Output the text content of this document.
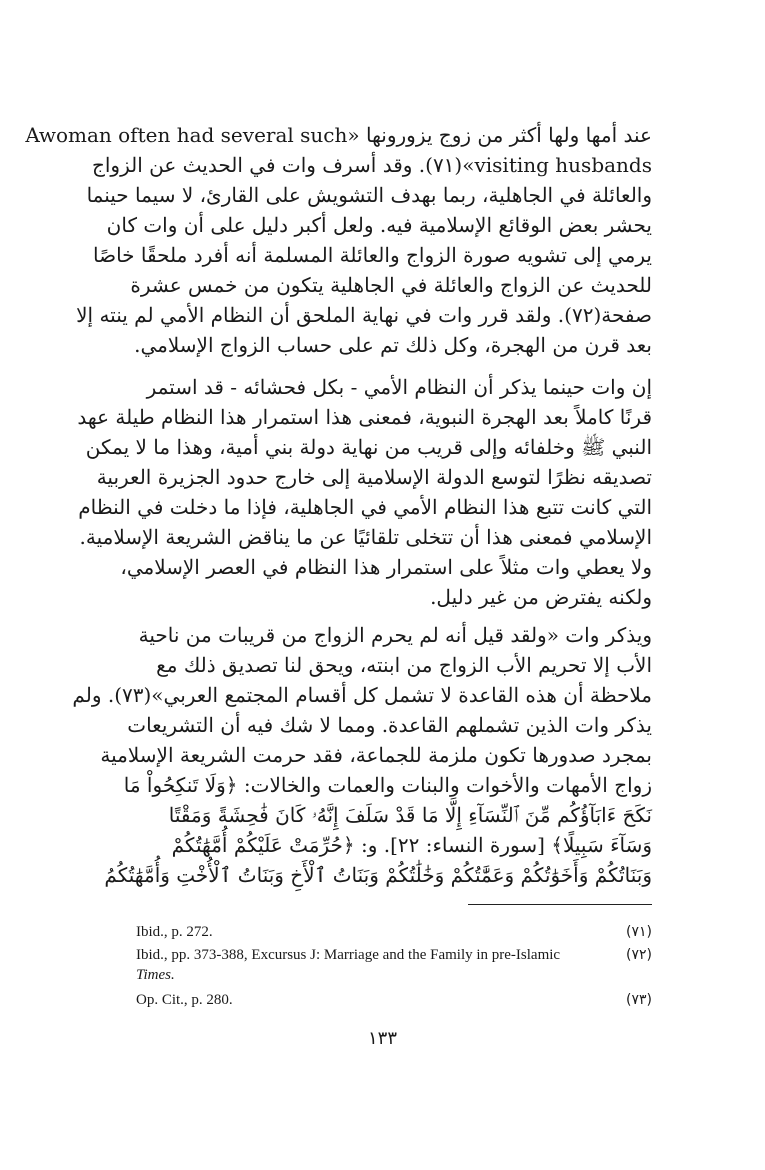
عند أمها ولها أكثر من زوج يزورونها «Awoman often had several such
visiting husbands»(٧١). وقد أسرف وات في الحديث عن الزواج
والعائلة في الجاهلية، ربما بهدف التشويش على القارئ، لا سيما حينما
يحشر بعض الوقائع الإسلامية فيه. ولعل أكبر دليل على أن وات كان
يرمي إلى تشويه صورة الزواج والعائلة المسلمة أنه أفرد ملحقًا خاصًا
للحديث عن الزواج والعائلة في الجاهلية يتكون من خمس عشرة
صفحة(٧٢). ولقد قرر وات في نهاية الملحق أن النظام الأمي لم ينته إلا
بعد قرن من الهجرة، وكل ذلك تم على حساب الزواج الإسلامي.
إن وات حينما يذكر أن النظام الأمي - بكل فحشائه - قد استمر
قرنًا كاملاً بعد الهجرة النبوية، فمعنى هذا استمرار هذا النظام طيلة عهد
النبي ﷺ وخلفائه وإلى قريب من نهاية دولة بني أمية، وهذا ما لا يمكن
تصديقه نظرًا لتوسع الدولة الإسلامية إلى خارج حدود الجزيرة العربية
التي كانت تتبع هذا النظام الأمي في الجاهلية، فإذا ما دخلت في النظام
الإسلامي فمعنى هذا أن تتخلى تلقائيًا عن ما يناقض الشريعة الإسلامية.
ولا يعطي وات مثلاً على استمرار هذا النظام في العصر الإسلامي،
ولكنه يفترض من غير دليل.
ويذكر وات «ولقد قيل أنه لم يحرم الزواج من قريبات من ناحية
الأب إلا تحريم الأب الزواج من ابنته، ويحق لنا تصديق ذلك مع
ملاحظة أن هذه القاعدة لا تشمل كل أقسام المجتمع العربي»(٧٣). ولم
يذكر وات الذين تشملهم القاعدة. ومما لا شك فيه أن التشريعات
بمجرد صدورها تكون ملزمة للجماعة، فقد حرمت الشريعة الإسلامية
زواج الأمهات والأخوات والبنات والعمات والخالات: ﴿وَلَا تَنكِحُواْ مَا
نَكَحَ ءَابَآؤُكُم مِّنَ ٱلنِّسَآءِ إِلَّا مَا قَدْ سَلَفَ إِنَّهُۥ كَانَ فَٰحِشَةً وَمَقْتًا
وَسَآءَ سَبِيلًا﴾ [سورة النساء: ٢٢]. و: ﴿حُرِّمَتْ عَلَيْكُمْ أُمَّهَٰتُكُمْ
وَبَنَاتُكُمْ وَأَخَوَٰتُكُمْ وَعَمَّٰتُكُمْ وَخَٰلَٰتُكُمْ وَبَنَاتُ ٱلْأَخِ وَبَنَاتُ ٱلْأُخْتِ وَأُمَّهَٰتُكُمُ
(٧١)
Ibid., p. 272.
(٧٢)
Ibid., pp. 373-388, Excursus J: Marriage and the Family in pre-Islamic
Times.
(٧٣)
Op. Cit., p. 280.
١٣٣
